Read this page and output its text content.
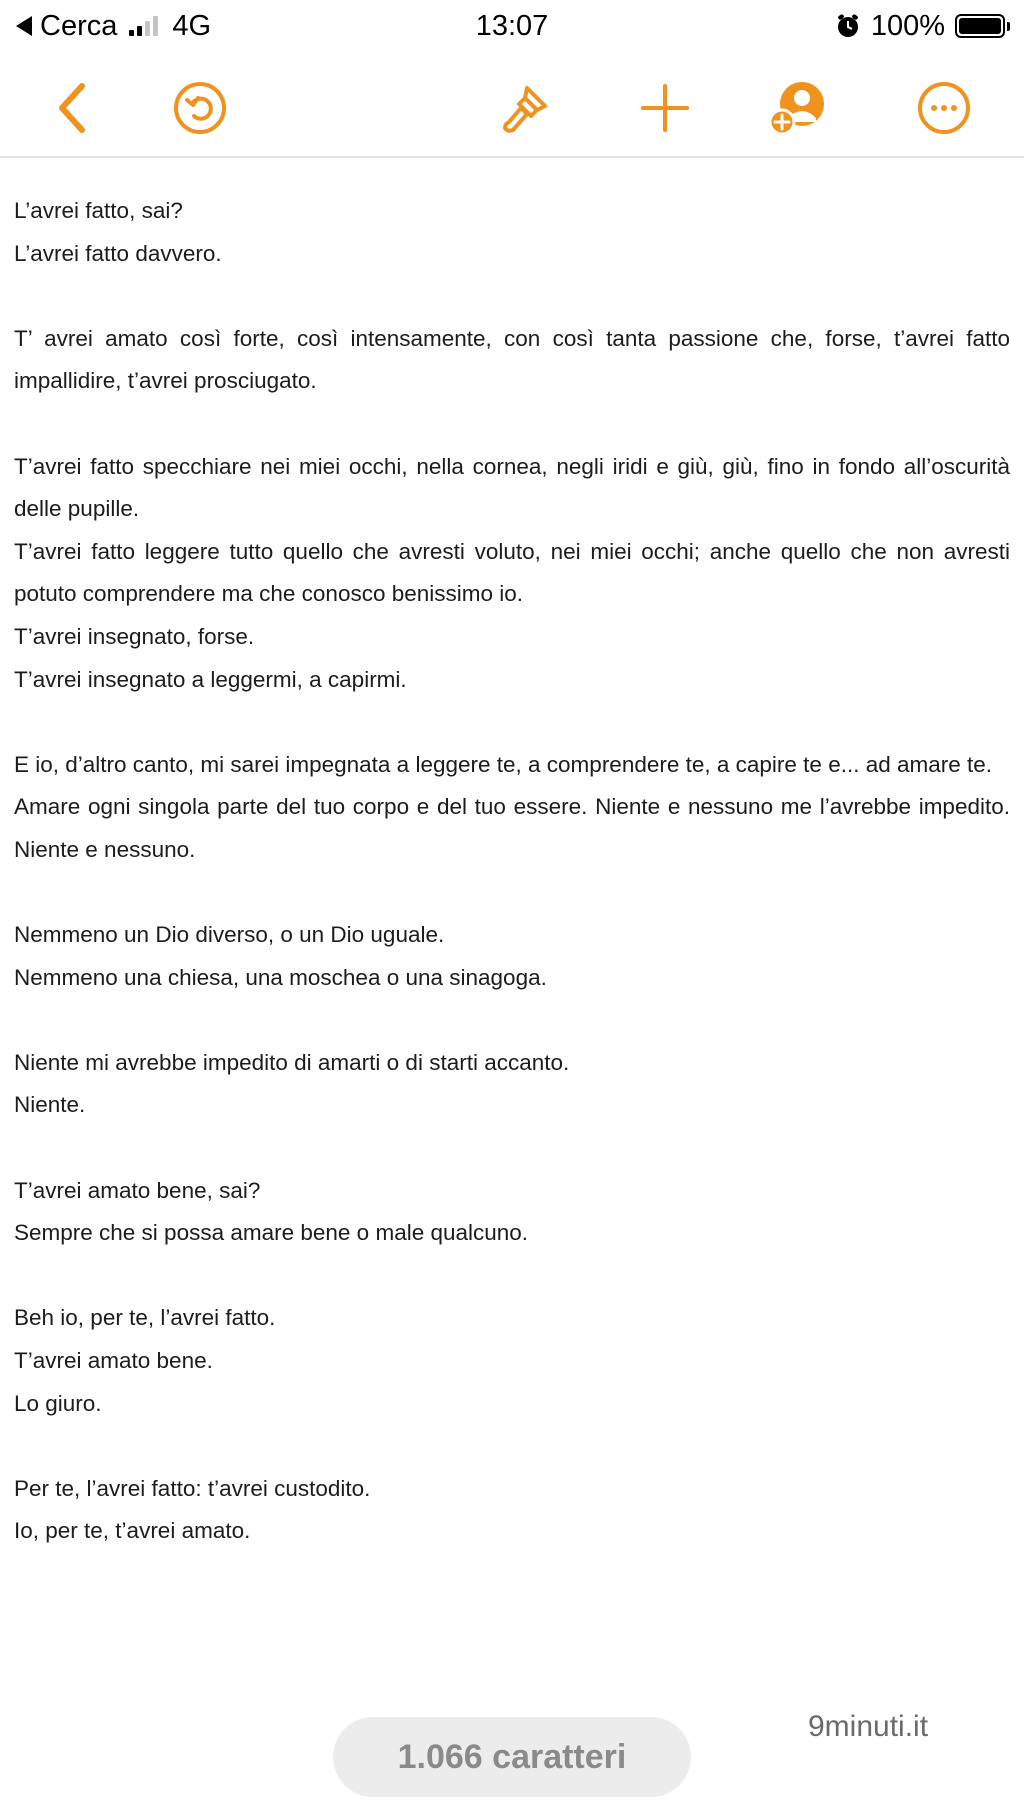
Cerca 4G	13:07	100%

L’avrei fatto, sai?

L’avrei fatto davvero.

T’ avrei amato così forte, così intensamente, con così tanta passione che, forse, t’avrei fatto impallidire, t’avrei prosciugato.

T’avrei fatto specchiare nei miei occhi, nella cornea, negli iridi e giù, giù, fino in fondo all’oscurità delle pupille.

T’avrei fatto leggere tutto quello che avresti voluto, nei miei occhi; anche quello che non avresti potuto comprendere ma che conosco benissimo io.

T’avrei insegnato, forse.

T’avrei insegnato a leggermi, a capirmi.

E io, d’altro canto, mi sarei impegnata a leggere te, a comprendere te, a capire te e... ad amare te.

Amare ogni singola parte del tuo corpo e del tuo essere. Niente e nessuno me l’avrebbe impedito. Niente e nessuno.

Nemmeno un Dio diverso, o un Dio uguale.

Nemmeno una chiesa, una moschea o una sinagoga.

Niente mi avrebbe impedito di amarti o di starti accanto.

Niente.

T’avrei amato bene, sai?

Sempre che si possa amare bene o male qualcuno.

Beh io, per te, l’avrei fatto.

T’avrei amato bene.

Lo giuro.

Per te, l’avrei fatto: t’avrei custodito.

Io, per te, t’avrei amato.

1.066 caratteri
9minuti.it
